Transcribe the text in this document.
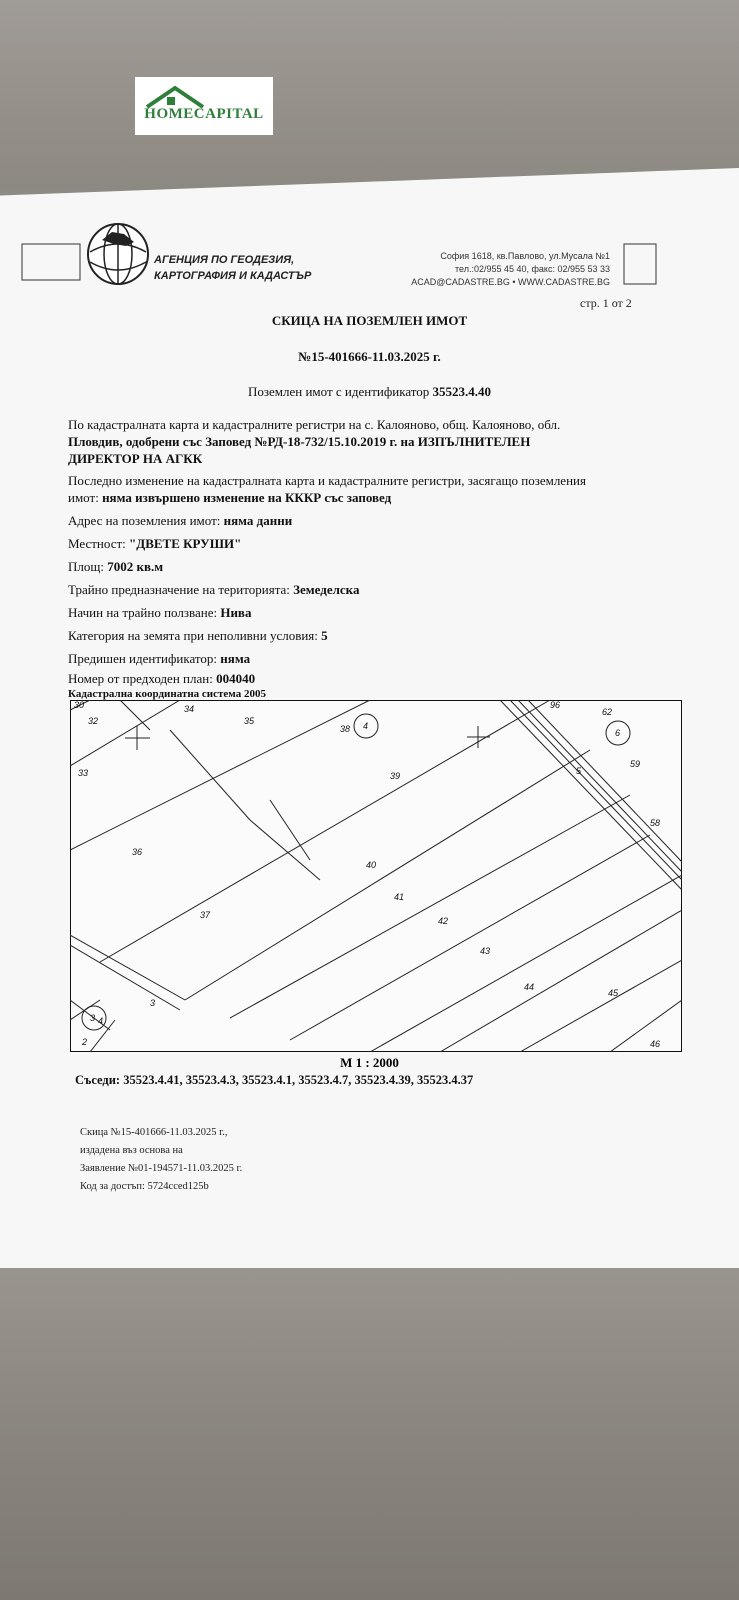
HOMECAPITAL
АГЕНЦИЯ ПО ГЕОДЕЗИЯ,
КАРТОГРАФИЯ И КАДАСТЪР
София 1618, кв.Павлово, ул.Мусала №1
тел.:02/955 45 40, факс: 02/955 53 33
ACAD@CADASTRE.BG • WWW.CADASTRE.BG
стр. 1 от 2
СКИЦА НА ПОЗЕМЛЕН ИМОТ
№15-401666-11.03.2025 г.
Поземлен имот с идентификатор 35523.4.40
По кадастралната карта и кадастралните регистри на с. Калояново, общ. Калояново, обл.
Пловдив, одобрени със Заповед №РД-18-732/15.10.2019 г. на ИЗПЪЛНИТЕЛЕН
ДИРЕКТОР НА АГКК
Последно изменение на кадастралната карта и кадастралните регистри, засягащо поземления
имот: няма извършено изменение на КККР със заповед
Адрес на поземления имот: няма данни
Местност: "ДВЕТЕ КРУШИ"
Площ: 7002 кв.м
Трайно предназначение на територията: Земеделска
Начин на трайно ползване: Нива
Категория на земята при неполивни условия: 5
Предишен идентификатор: няма
Номер от предходен план: 004040
Кадастрална координатна система 2005
30
32
34
35
38 4
96
62
6
33	39
59
5
58
36
40
41
42
37
43
44
45
3
3 4
2	46
М 1 : 2000
Съседи: 35523.4.41, 35523.4.3, 35523.4.1, 35523.4.7, 35523.4.39, 35523.4.37
Скица №15-401666-11.03.2025 г.,
издадена въз основа на
Заявление №01-194571-11.03.2025 г.
Код за достъп: 5724cced125b
